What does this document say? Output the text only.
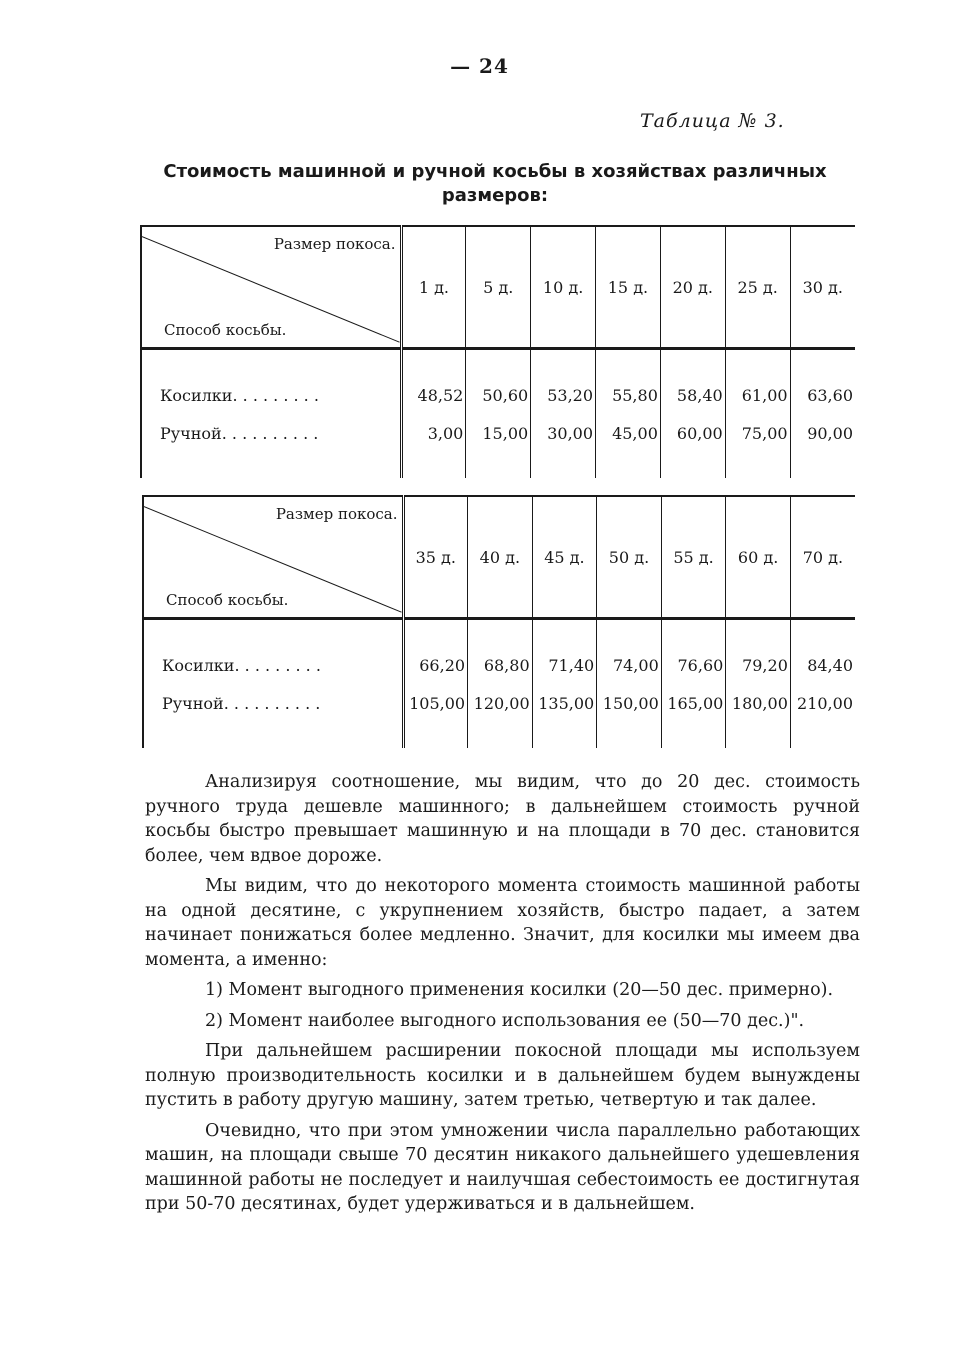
— 24
Таблица № 3.
Стоимость машинной и ручной косьбы в хозяйствах различных размеров:
Размер покоса.
Способ косьбы.	1 д.	5 д.	10 д.	15 д.	20 д.	25 д.	30 д.
Косилки. . . . . . . . .	48,52	50,60	53,20	55,80	58,40	61,00	63,60
Ручной. . . . . . . . . .	3,00	15,00	30,00	45,00	60,00	75,00	90,00
Размер покоса.
Способ косьбы.	35 д.	40 д.	45 д.	50 д.	55 д.	60 д.	70 д.
Косилки. . . . . . . . .	66,20	68,80	71,40	74,00	76,60	79,20	84,40
Ручной. . . . . . . . . .	105,00	120,00	135,00	150,00	165,00	180,00	210,00

Анализируя соотношение, мы видим, что до 20 дес. стоимость ручного труда дешевле машинного; в дальнейшем стоимость ручной косьбы быстро превышает машинную и на площади в 70 дес. становится более, чем вдвое дороже.

Мы видим, что до некоторого момента стоимость машинной работы на одной десятине, с укрупнением хозяйств, быстро падает, а затем начинает понижаться более медленно. Значит, для косилки мы имеем два момента, а именно:

1) Момент выгодного применения косилки (20—50 дес. примерно).

2) Момент наиболее выгодного использования ее (50—70 дес.)".

При дальнейшем расширении покосной площади мы используем полную производительность косилки и в дальнейшем будем вынуждены пустить в работу другую машину, затем третью, четвертую и так далее.

Очевидно, что при этом умножении числа параллельно работающих машин, на площади свыше 70 десятин никакого дальнейшего удешевления машинной работы не последует и наилучшая себестоимость ее достигнутая при 50-70 десятинах, будет удерживаться и в дальнейшем.
